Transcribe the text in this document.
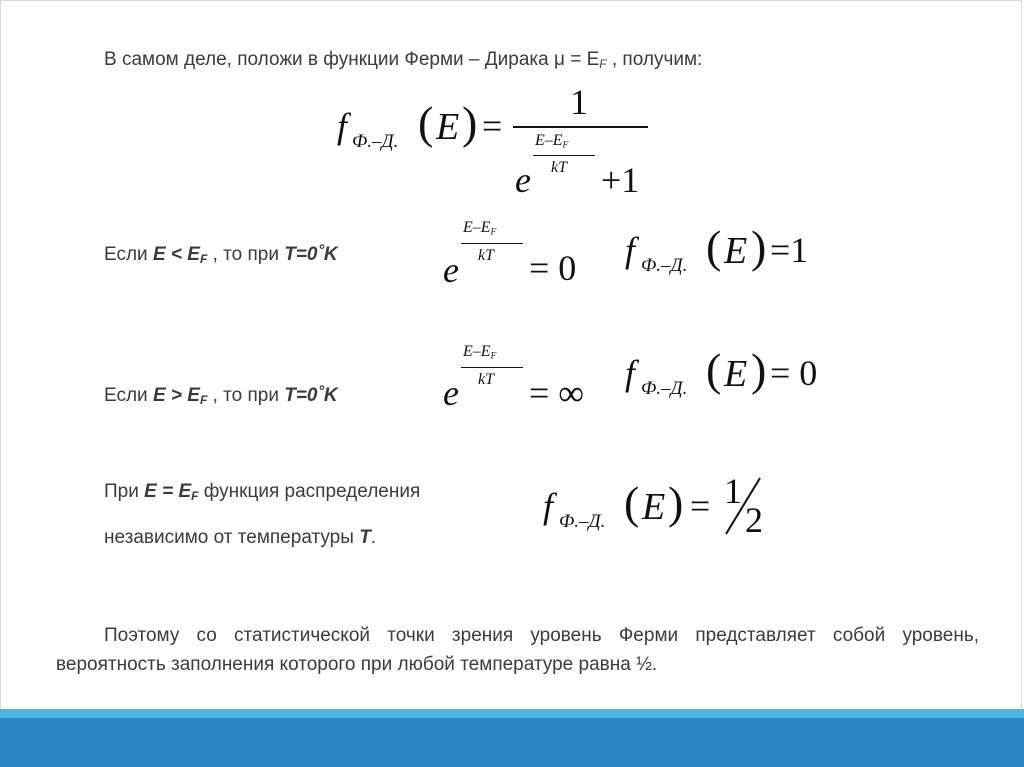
В самом деле, положи в функции Ферми – Дирака $\mu = E_F$ , получим:
f Ф.–Д. ( E ) =
1
$E-E_F$
kT
e +1
Если $E < E_F$ , то при T=0˚K
$E-E_F$
kT
e = 0 f Ф.–Д. ( E ) =1
Если $E > E_F$ , то при T=0˚K
$E-E_F$
kT
e = ∞ f Ф.–Д. ( E ) = 0
При $E = E_F$ функция распределения
независимо от температуры T.
f Ф.–Д. ( E ) = 1
2
Поэтому со статистической точки зрения уровень Ферми представляет собой уровень, вероятность заполнения которого при любой температуре равна ½.
